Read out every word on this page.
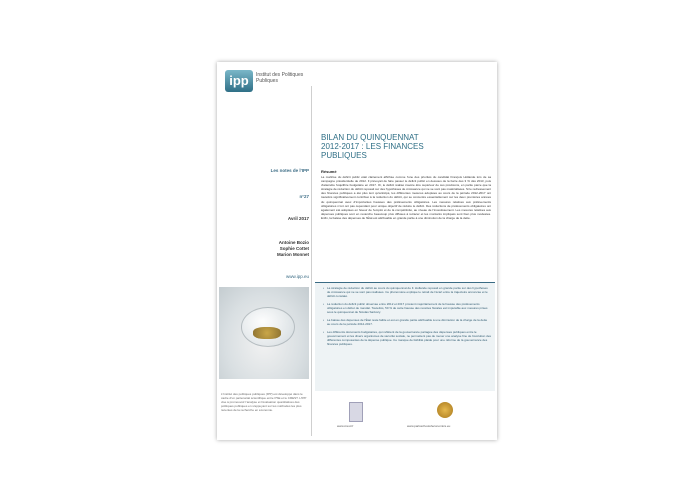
ipp	Institut des Politiques Publiques
Les notes de l'IPP
n°27
Avril 2017
Antoine Bozio
Sophie Cottet
Marion Monnet
www.ipp.eu
L'Institut des politiques publiques (IPP) est développé dans le cadre d'un partenariat scientifique entre PSE et le CREST. L'IPP vise à promouvoir l'analyse et l'évaluation quantitatives des politiques publiques en s'appuyant sur les méthodes les plus récentes de la recherche en économie.
BILAN DU QUINQUENNAT 2012-2017 : LES FINANCES PUBLIQUES
Résumé
La maîtrise du déficit public était clairement affichée comme l'une des priorités du candidat François Hollande lors de sa campagne présidentielle de 2012. Il prévoyait de faire passer le déficit public en dessous de la barre des 3 % dès 2013, puis d'atteindre l'équilibre budgétaire en 2017. Or, le déficit réalisé s'avère être supérieur de ces prévisions, en partie parce que la stratégie de réduction du déficit reposait sur des hypothèses de croissance qui ne se sont pas matérialisées. Si le redressement des finances publiques a été plus lent qu'anticipé, les différentes mesures adoptées au cours de la période 2012-2017 ont toutefois significativement contribué à la réduction du déficit, qui se concentre essentiellement sur les deux premières années du quinquennat avec d'importantes hausses des prélèvements obligatoires. Les mesures relatives aux prélèvements obligatoires n'ont ont pas cependant pour unique objectif de réduire le déficit. Des réductions de prélèvements obligatoires ont également été adoptées en faveur de l'emploi et de la compétitivité, au niveau de l'investissement. Les mesures relatives aux dépenses publiques sont en revanche beaucoup plus diffuses à retracer et les montants impliqués sont bien plus modestes. Enfin, la baisse des dépenses de l'État est attribuable en grande partie à une diminution de la charge de la dette.
• La stratégie de réduction du déficit au cours du quinquennat de F. Hollande reposait en grande partie sur des hypothèses de croissance qui ne se sont pas réalisées. Ce phénomène explique le retrait de l'écart entre la trajectoire annoncée et le déficit constaté.
• La réduction du déficit public observée entre 2012 et 2017 provient majoritairement de la hausse des prélèvements obligatoires en début de mandat. Toutefois, 50 % de cette hausse des recettes fiscales est imputable aux mesures prises sous le quinquennat de Nicolas Sarkozy.
• La baisse des dépenses de l'État reste faible et est en grande partie attribuable à une diminution de la charge de la dette au cours de la période 2012-2017.
• Les différents documents budgétaires, qui reflètent de la gouvernance partagée des dépenses publiques entre le gouvernement et les divers organismes de sécurité sociale, ne permettent pas de mener une analyse fine de l'évolution des différentes composantes de la dépense publique. Ce manque de lisibilité plaide pour une réforme de la gouvernance des finances publiques.
www.crest.fr	www.parisschoolofeconomics.eu
